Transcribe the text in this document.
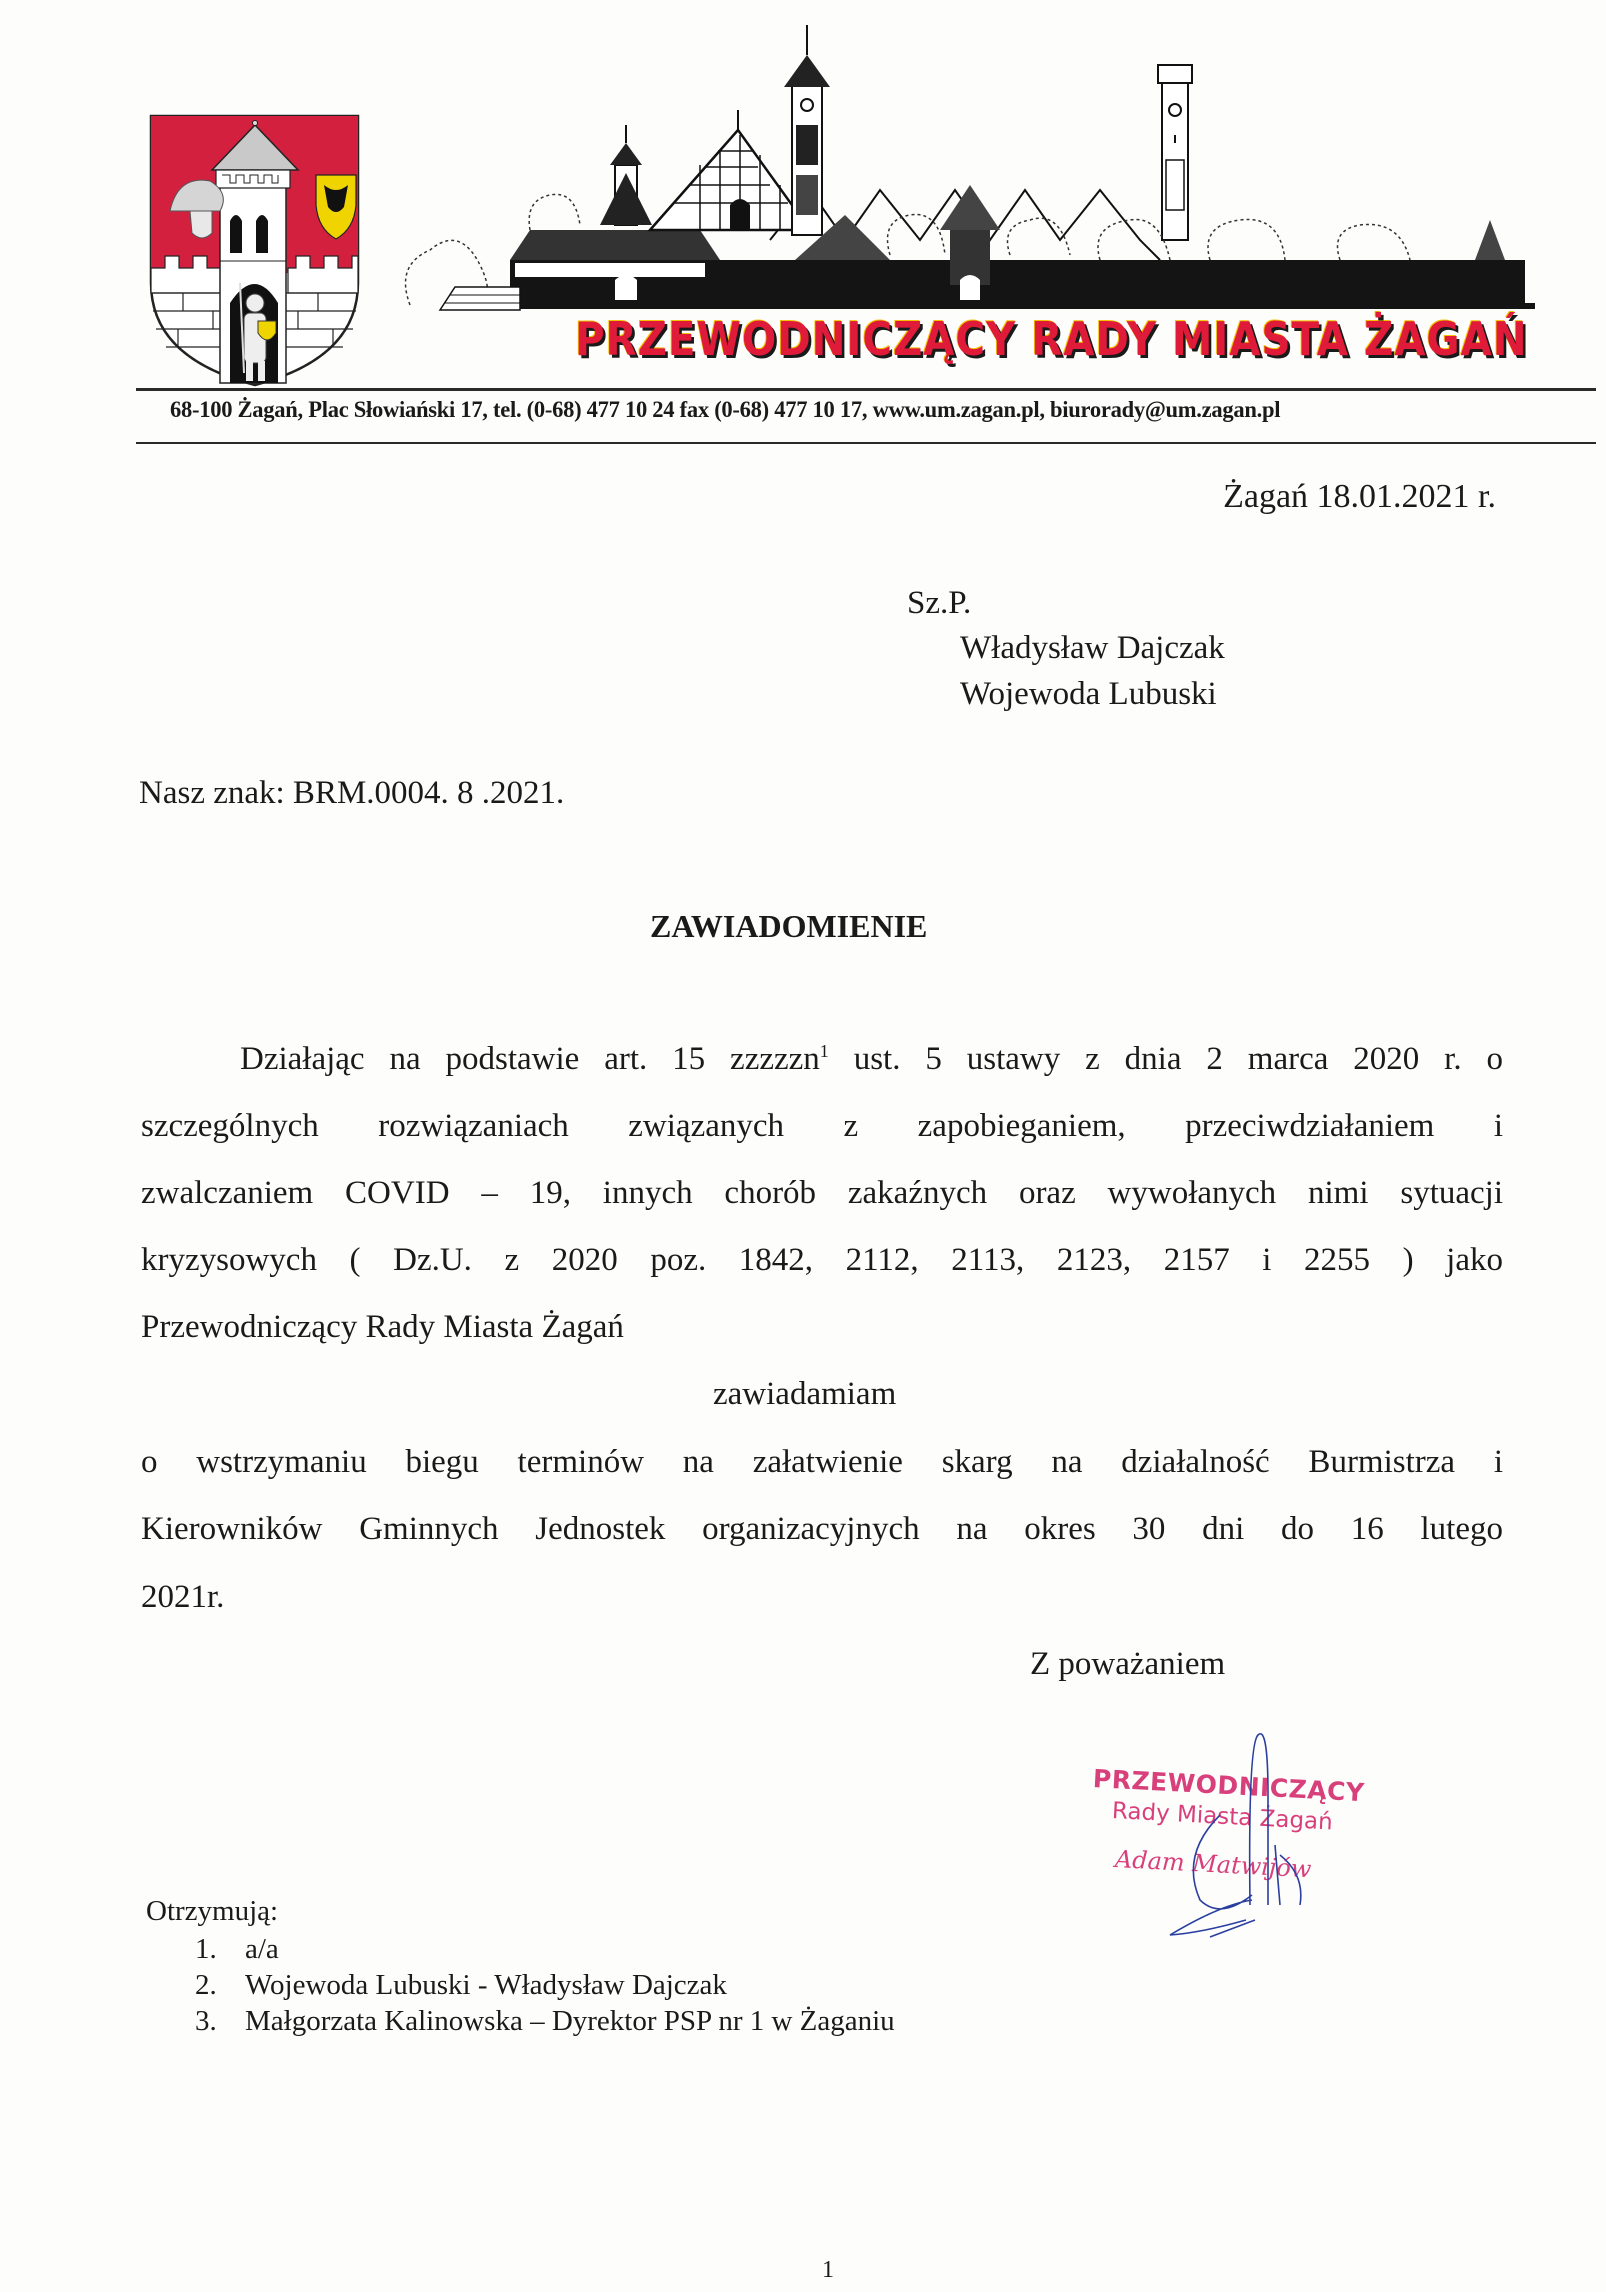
PRZEWODNICZĄCY RADY MIASTA ŻAGAŃ
68-100 Żagań, Plac Słowiański 17, tel. (0-68) 477 10 24 fax (0-68) 477 10 17, www.um.zagan.pl, biurorady@um.zagan.pl
Żagań 18.01.2021 r.
Sz.P.
Władysław Dajczak
Wojewoda Lubuski
Nasz znak: BRM.0004. 8 .2021.
ZAWIADOMIENIE
Działając na podstawie art. 15 zzzzzn$^1$ ust. 5 ustawy z dnia 2 marca 2020 r. o
szczególnych rozwiązaniach związanych z zapobieganiem, przeciwdziałaniem i
zwalczaniem COVID – 19, innych chorób zakaźnych oraz wywołanych nimi sytuacji
kryzysowych ( Dz.U. z 2020 poz. 1842, 2112, 2113, 2123, 2157 i 2255 ) jako
Przewodniczący Rady Miasta Żagań
zawiadamiam
o wstrzymaniu biegu terminów na załatwienie skarg na działalność Burmistrza i
Kierowników Gminnych Jednostek organizacyjnych na okres 30 dni do 16 lutego
2021r.
Z poważaniem
PRZEWODNICZĄCY
Rady Miasta Żagań
Adam Matwijów
Otrzymują:
1. a/a
2. Wojewoda Lubuski - Władysław Dajczak
3. Małgorzata Kalinowska – Dyrektor PSP nr 1 w Żaganiu
1
